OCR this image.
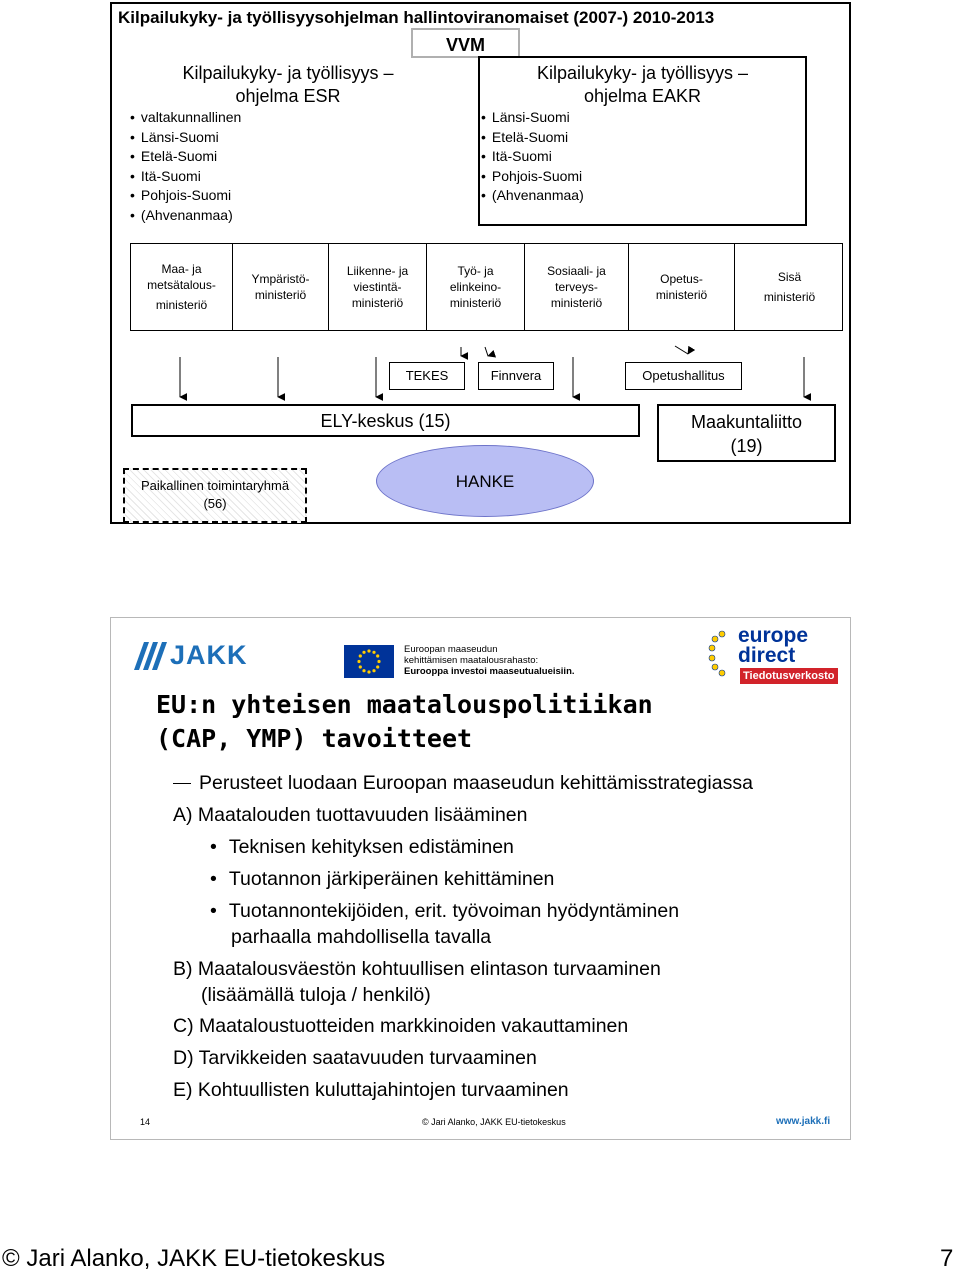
Kilpailukyky- ja työllisyysohjelman hallintoviranomaiset (2007-) 2010-2013
VVM
Kilpailukyky- ja työllisyys –
ohjelma ESR
• valtakunnallinen
• Länsi-Suomi
• Etelä-Suomi
• Itä-Suomi
• Pohjois-Suomi
• (Ahvenanmaa)
Kilpailukyky- ja työllisyys –
ohjelma EAKR
• Länsi-Suomi
• Etelä-Suomi
• Itä-Suomi
• Pohjois-Suomi
• (Ahvenanmaa)
Maa- ja
metsätalous-
ministeriö
Ympäristö-
ministeriö
Liikenne- ja
viestintä-
ministeriö
Työ- ja
elinkeino-
ministeriö
Sosiaali- ja
terveys-
ministeriö
Opetus-
ministeriö
Sisä
ministeriö
TEKES	Finnvera	Opetushallitus
ELY-keskus (15)	Maakuntaliitto
(19)
Paikallinen toimintaryhmä
(56)
HANKE
JAKK	Euroopan maaseudun
kehittämisen maatalousrahasto:
Eurooppa investoi maaseutualueisiin.
europe
direct
Tiedotusverkosto
EU:n yhteisen maatalouspolitiikan
(CAP, YMP) tavoitteet
Perusteet luodaan Euroopan maaseudun kehittämisstrategiassa
A) Maatalouden tuottavuuden lisääminen
• Teknisen kehityksen edistäminen
• Tuotannon järkiperäinen kehittäminen
• Tuotannontekijöiden, erit. työvoiman hyödyntäminen
parhaalla mahdollisella tavalla
B) Maatalousväestön kohtuullisen elintason turvaaminen
(lisäämällä tuloja / henkilö)
C) Maataloustuotteiden markkinoiden vakauttaminen
D) Tarvikkeiden saatavuuden turvaaminen
E) Kohtuullisten kuluttajahintojen turvaaminen
14	© Jari Alanko, JAKK EU-tietokeskus	www.jakk.fi
© Jari Alanko, JAKK EU-tietokeskus	7
